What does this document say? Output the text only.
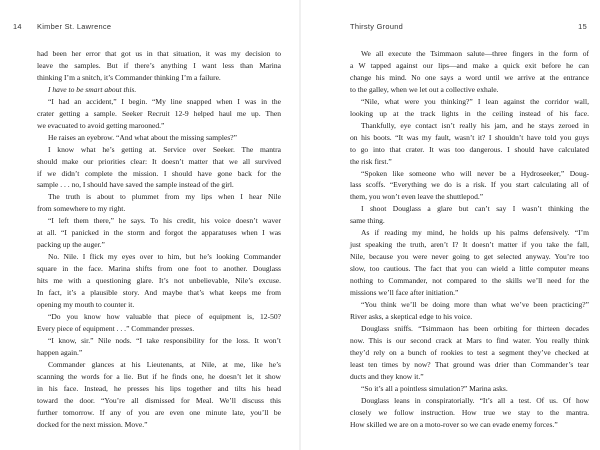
14 Kimber St. Lawrence
had been her error that got us in that situation, it was my decision to
leave the samples. But if there’s anything I want less than Marina
thinking I’m a snitch, it’s Commander thinking I’m a failure.
I have to be smart about this.
“I had an accident,” I begin. “My line snapped when I was in the
crater getting a sample. Seeker Recruit 12-9 helped haul me up. Then
we evacuated to avoid getting marooned.”
He raises an eyebrow. “And what about the missing samples?”
I know what he’s getting at. Service over Seeker. The mantra
should make our priorities clear: It doesn’t matter that we all survived
if we didn’t complete the mission. I should have gone back for the
sample . . . no, I should have saved the sample instead of the girl.
The truth is about to plummet from my lips when I hear Nile
from somewhere to my right.
“I left them there,” he says. To his credit, his voice doesn’t waver
at all. “I panicked in the storm and forgot the apparatuses when I was
packing up the auger.”
No. Nile. I flick my eyes over to him, but he’s looking Commander
square in the face. Marina shifts from one foot to another. Douglass
hits me with a questioning glare. It’s not unbelievable, Nile’s excuse.
In fact, it’s a plausible story. And maybe that’s what keeps me from
opening my mouth to counter it.
“Do you know how valuable that piece of equipment is, 12-50?
Every piece of equipment . . .” Commander presses.
“I know, sir.” Nile nods. “I take responsibility for the loss. It won’t
happen again.”
Commander glances at his Lieutenants, at Nile, at me, like he’s
scanning the words for a lie. But if he finds one, he doesn’t let it show
in his face. Instead, he presses his lips together and tilts his head
toward the door. “You’re all dismissed for Meal. We’ll discuss this
further tomorrow. If any of you are even one minute late, you’ll be
docked for the next mission. Move.”
Thirsty Ground	15
We all execute the Tsimmaon salute—three fingers in the form of
a W tapped against our lips—and make a quick exit before he can
change his mind. No one says a word until we arrive at the entrance
to the galley, when we let out a collective exhale.
“Nile, what were you thinking?” I lean against the corridor wall,
looking up at the track lights in the ceiling instead of his face.
Thankfully, eye contact isn’t really his jam, and he stays zeroed in
on his boots. “It was my fault, wasn’t it? I shouldn’t have told you guys
to go into that crater. It was too dangerous. I should have calculated
the risk first.”
“Spoken like someone who will never be a Hydroseeker,” Doug-
lass scoffs. “Everything we do is a risk. If you start calculating all of
them, you won’t even leave the shuttlepod.”
I shoot Douglass a glare but can’t say I wasn’t thinking the
same thing.
As if reading my mind, he holds up his palms defensively. “I’m
just speaking the truth, aren’t I? It doesn’t matter if you take the fall,
Nile, because you were never going to get selected anyway. You’re too
slow, too cautious. The fact that you can wield a little computer means
nothing to Commander, not compared to the skills we’ll need for the
missions we’ll face after initiation.”
“You think we’ll be doing more than what we’ve been practicing?”
River asks, a skeptical edge to his voice.
Douglass sniffs. “Tsimmaon has been orbiting for thirteen decades
now. This is our second crack at Mars to find water. You really think
they’d rely on a bunch of rookies to test a segment they’ve checked at
least ten times by now? That ground was drier than Commander’s tear
ducts and they know it.”
“So it’s all a pointless simulation?” Marina asks.
Douglass leans in conspiratorially. “It’s all a test. Of us. Of how
closely we follow instruction. How true we stay to the mantra.
How skilled we are on a moto-rover so we can evade enemy forces.”
